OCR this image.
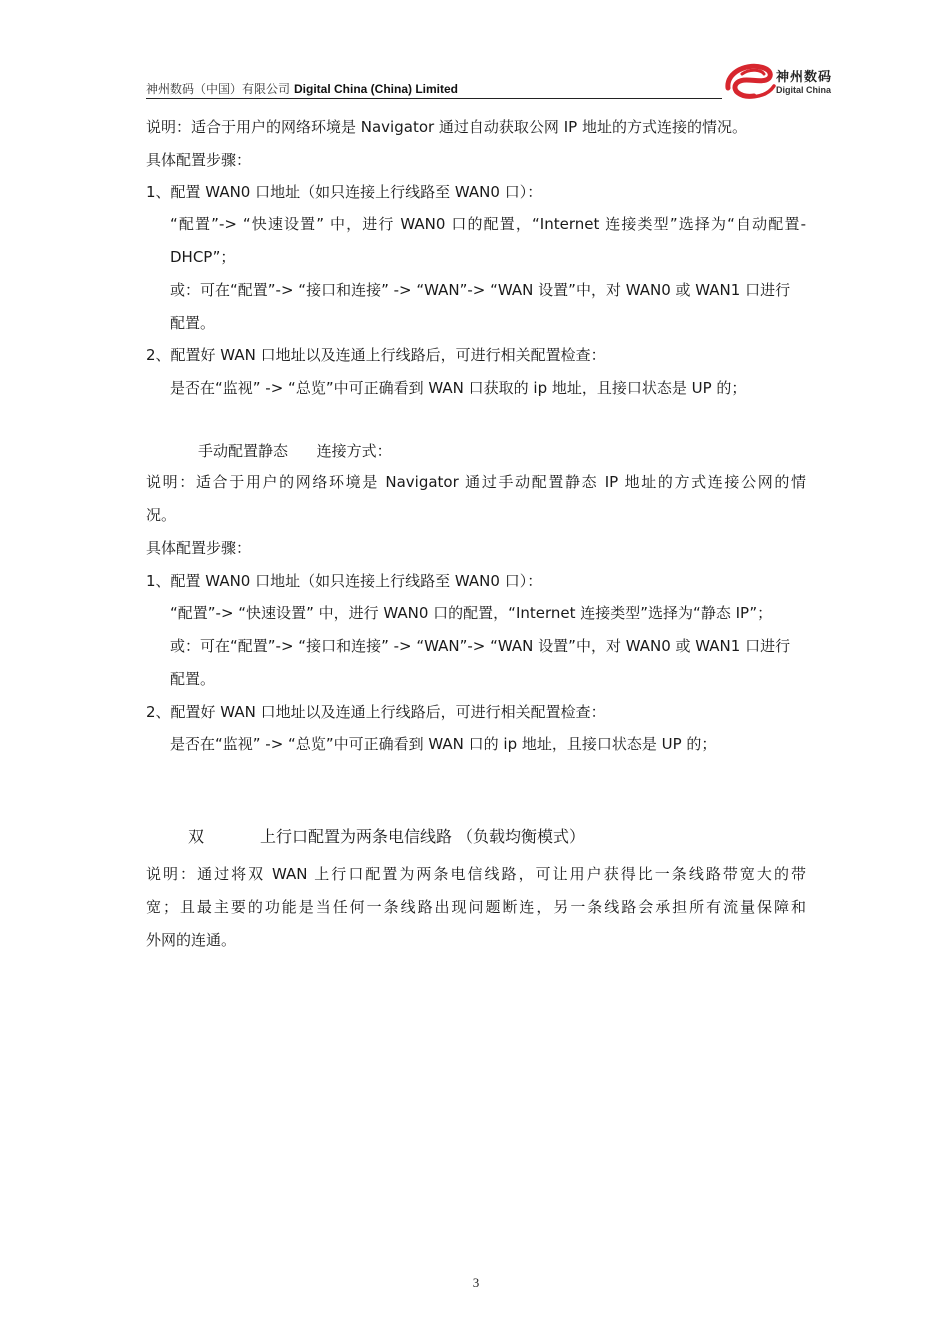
神州数码（中国）有限公司 Digital China (China) Limited
神州数码
Digital China
说明：适合于用户的网络环境是 Navigator 通过自动获取公网 IP 地址的方式连接的情况。
具体配置步骤：
1、配置 WAN0 口地址（如只连接上行线路至 WAN0 口）：
“配置”-> “快速设置” 中，进行 WAN0 口的配置，“Internet 连接类型”选择为“自动配置-
DHCP”；
或：可在“配置”-> “接口和连接” -> “WAN”-> “WAN 设置”中，对 WAN0 或 WAN1 口进行
配置。
2、配置好 WAN 口地址以及连通上行线路后，可进行相关配置检查：
是否在“监视” -> “总览”中可正确看到 WAN 口获取的 ip 地址，且接口状态是 UP 的；
手动配置静态      连接方式：
说明：适合于用户的网络环境是 Navigator 通过手动配置静态 IP 地址的方式连接公网的情
况。
具体配置步骤：
1、配置 WAN0 口地址（如只连接上行线路至 WAN0 口）：
“配置”-> “快速设置” 中，进行 WAN0 口的配置，“Internet 连接类型”选择为“静态 IP”；
或：可在“配置”-> “接口和连接” -> “WAN”-> “WAN 设置”中，对 WAN0 或 WAN1 口进行
配置。
2、配置好 WAN 口地址以及连通上行线路后，可进行相关配置检查：
是否在“监视” -> “总览”中可正确看到 WAN 口的 ip 地址，且接口状态是 UP 的；
双           上行口配置为两条电信线路 （负载均衡模式）
说明：通过将双 WAN 上行口配置为两条电信线路，可让用户获得比一条线路带宽大的带
宽；且最主要的功能是当任何一条线路出现问题断连，另一条线路会承担所有流量保障和
外网的连通。
3
